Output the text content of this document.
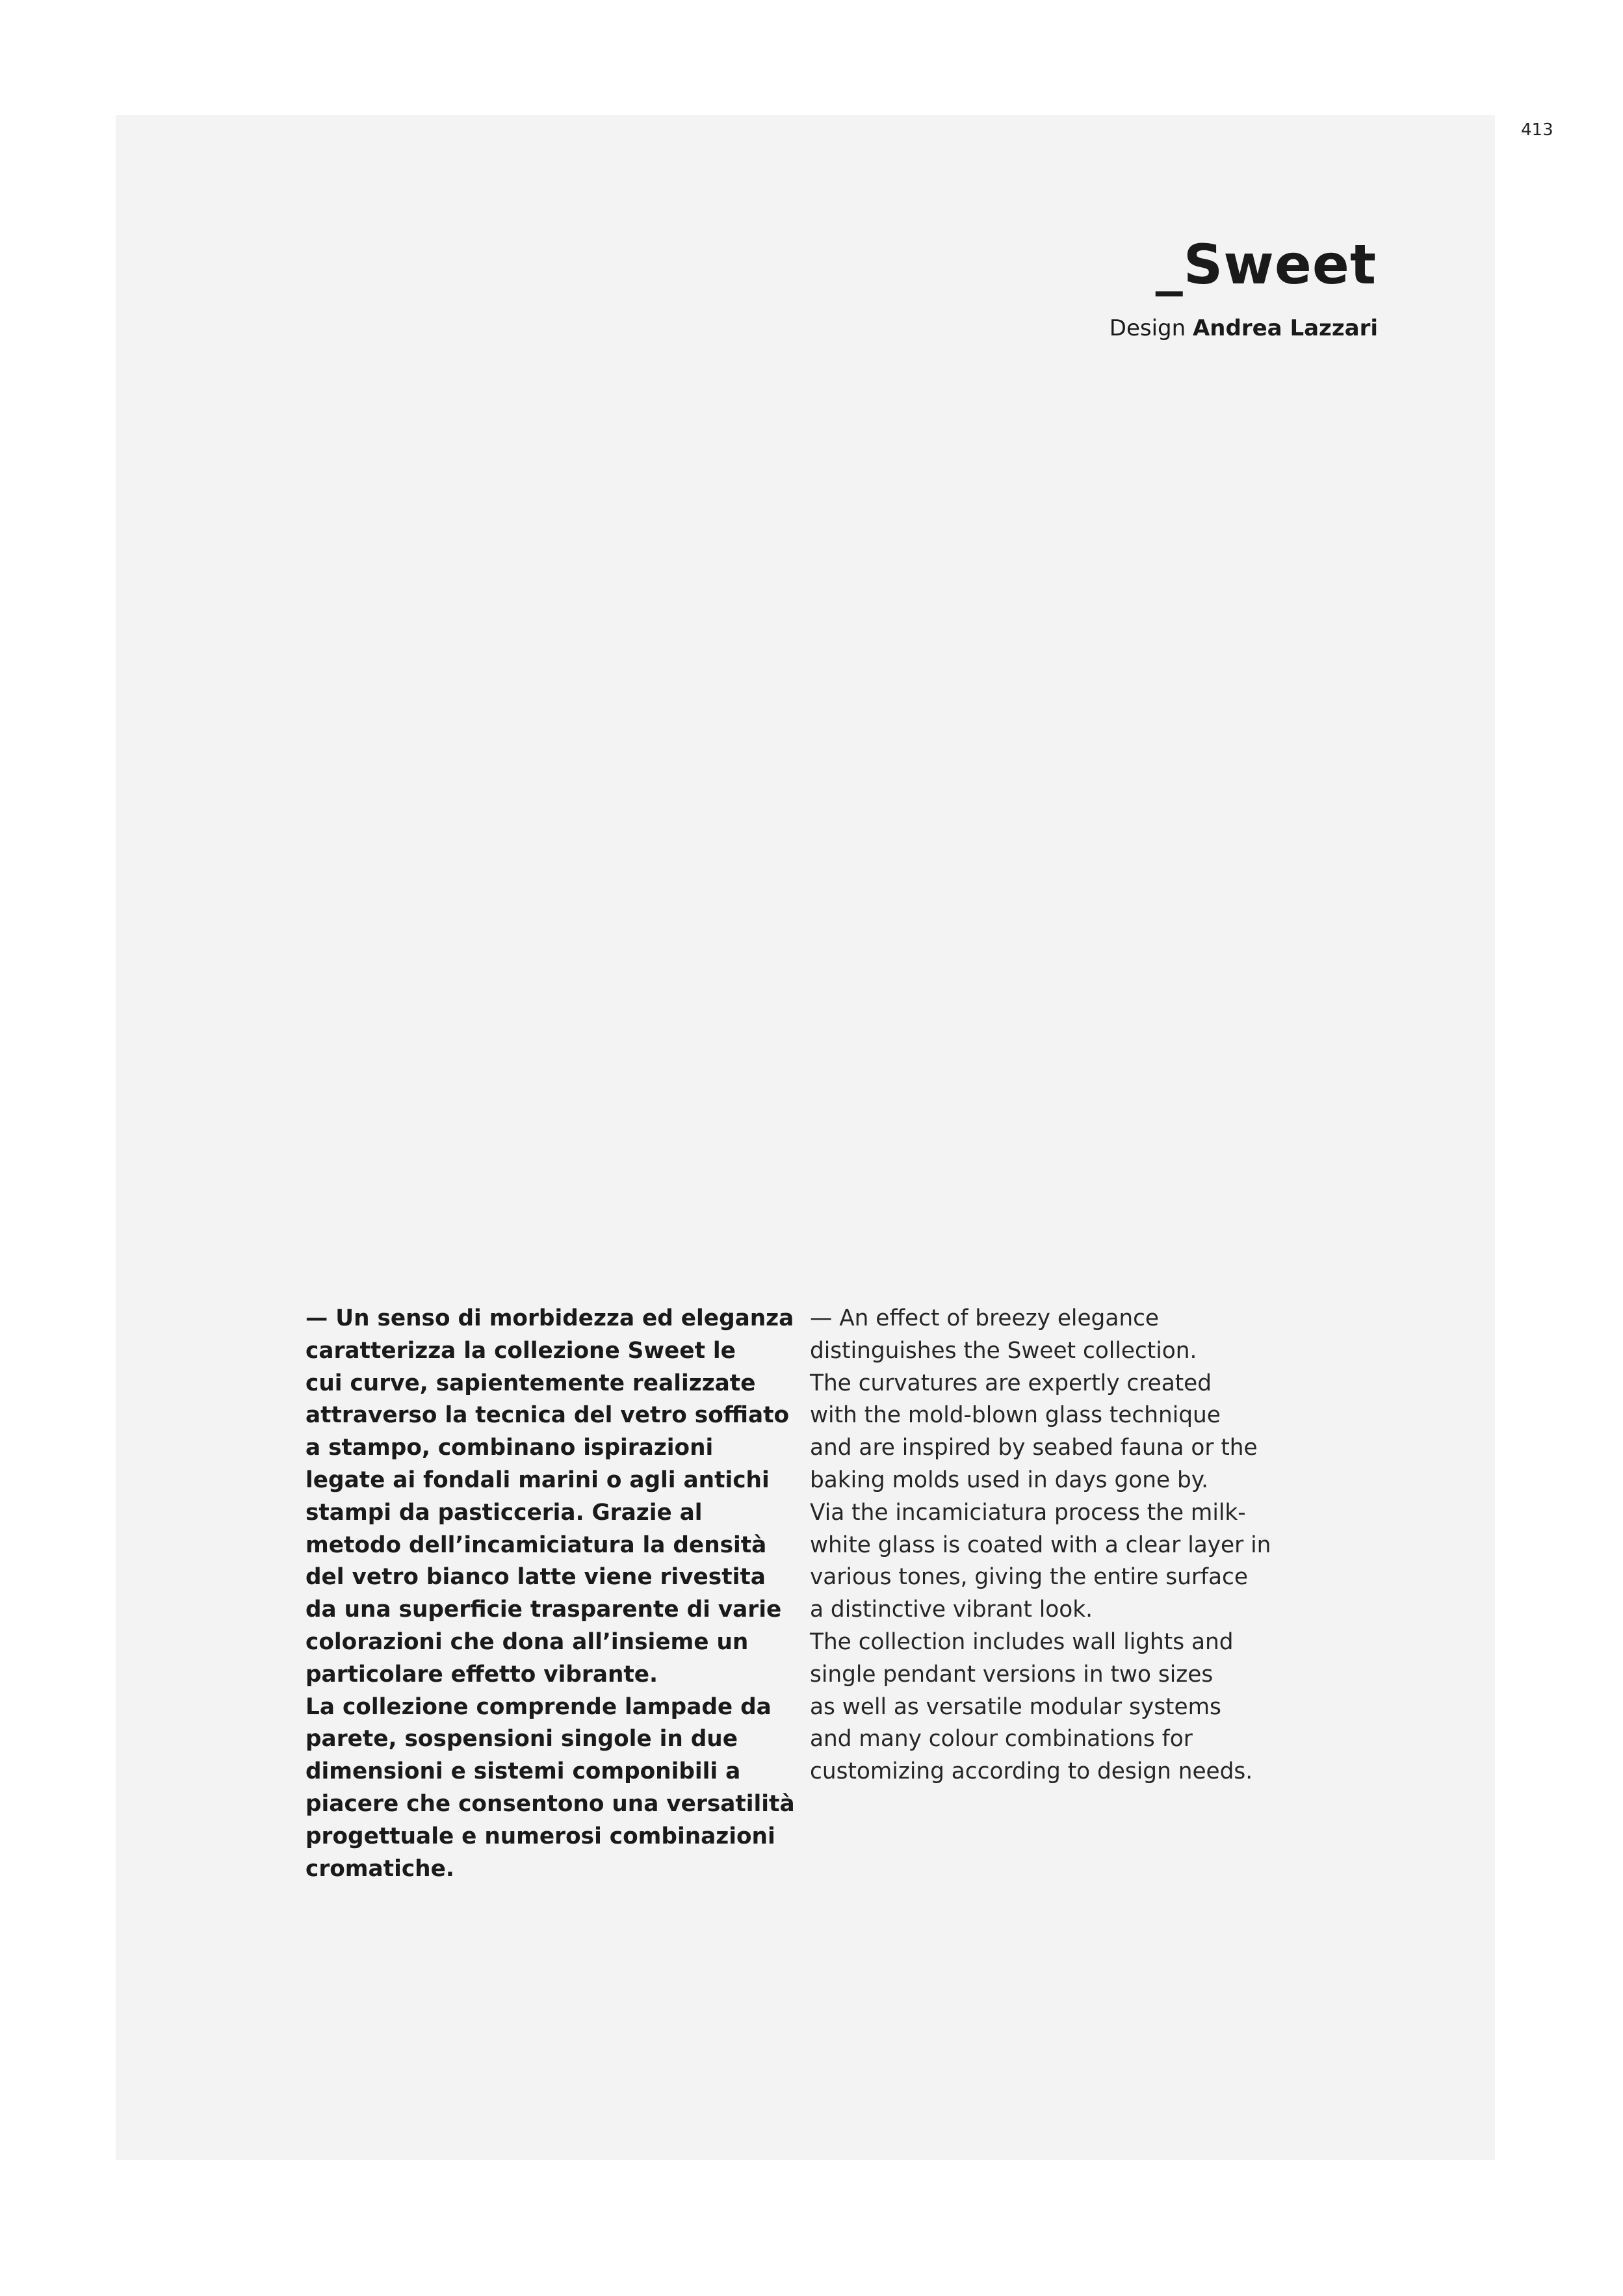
413
_Sweet
Design Andrea Lazzari
— Un senso di morbidezza ed eleganza
caratterizza la collezione Sweet le
cui curve, sapientemente realizzate
attraverso la tecnica del vetro soffiato
a stampo, combinano ispirazioni
legate ai fondali marini o agli antichi
stampi da pasticceria. Grazie al
metodo dell’incamiciatura la densità
del vetro bianco latte viene rivestita
da una superficie trasparente di varie
colorazioni che dona all’insieme un
particolare effetto vibrante.
La collezione comprende lampade da
parete, sospensioni singole in due
dimensioni e sistemi componibili a
piacere che consentono una versatilità
progettuale e numerosi combinazioni
cromatiche.
— An effect of breezy elegance
distinguishes the Sweet collection.
The curvatures are expertly created
with the mold-blown glass technique
and are inspired by seabed fauna or the
baking molds used in days gone by.
Via the incamiciatura process the milk-
white glass is coated with a clear layer in
various tones, giving the entire surface
a distinctive vibrant look.
The collection includes wall lights and
single pendant versions in two sizes
as well as versatile modular systems
and many colour combinations for
customizing according to design needs.
